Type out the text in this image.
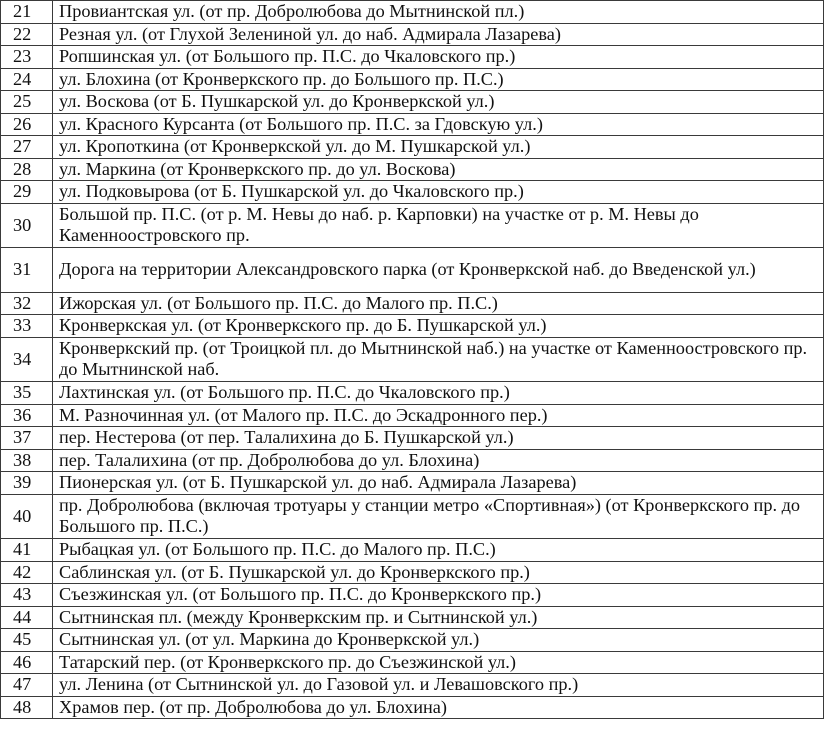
21	Провиантская ул. (от пр. Добролюбова до Мытнинской пл.)
22	Резная ул. (от Глухой Зелениной ул. до наб. Адмирала Лазарева)
23	Ропшинская ул. (от Большого пр. П.С. до Чкаловского пр.)
24	ул. Блохина (от Кронверкского пр. до Большого пр. П.С.)
25	ул. Воскова (от Б. Пушкарской ул. до Кронверкской ул.)
26	ул. Красного Курсанта (от Большого пр. П.С. за Гдовскую ул.)
27	ул. Кропоткина (от Кронверкской ул. до М. Пушкарской ул.)
28	ул. Маркина (от Кронверкского пр. до ул. Воскова)
29	ул. Подковырова (от Б. Пушкарской ул. до Чкаловского пр.)
30	Большой пр. П.С. (от р. М. Невы до наб. р. Карповки) на участке от р. М. Невы до Каменноостровского пр.
31	Дорога на территории Александровского парка (от Кронверкской наб. до Введенской ул.)
32	Ижорская ул. (от Большого пр. П.С. до Малого пр. П.С.)
33	Кронверкская ул. (от Кронверкского пр. до Б. Пушкарской ул.)
34	Кронверкский пр. (от Троицкой пл. до Мытнинской наб.) на участке от Каменноостровского пр. до Мытнинской наб.
35	Лахтинская ул. (от Большого пр. П.С. до Чкаловского пр.)
36	М. Разночинная ул. (от Малого пр. П.С. до Эскадронного пер.)
37	пер. Нестерова (от пер. Талалихина до Б. Пушкарской ул.)
38	пер. Талалихина (от пр. Добролюбова до ул. Блохина)
39	Пионерская ул. (от Б. Пушкарской ул. до наб. Адмирала Лазарева)
40	пр. Добролюбова (включая тротуары у станции метро «Спортивная») (от Кронверкского пр. до Большого пр. П.С.)
41	Рыбацкая ул. (от Большого пр. П.С. до Малого пр. П.С.)
42	Саблинская ул. (от Б. Пушкарской ул. до Кронверкского пр.)
43	Съезжинская ул. (от Большого пр. П.С. до Кронверкского пр.)
44	Сытнинская пл. (между Кронверкским пр. и Сытнинской ул.)
45	Сытнинская ул. (от ул. Маркина до Кронверкской ул.)
46	Татарский пер. (от Кронверкского пр. до Съезжинской ул.)
47	ул. Ленина (от Сытнинской ул. до Газовой ул. и Левашовского пр.)
48	Храмов пер. (от пр. Добролюбова до ул. Блохина)
